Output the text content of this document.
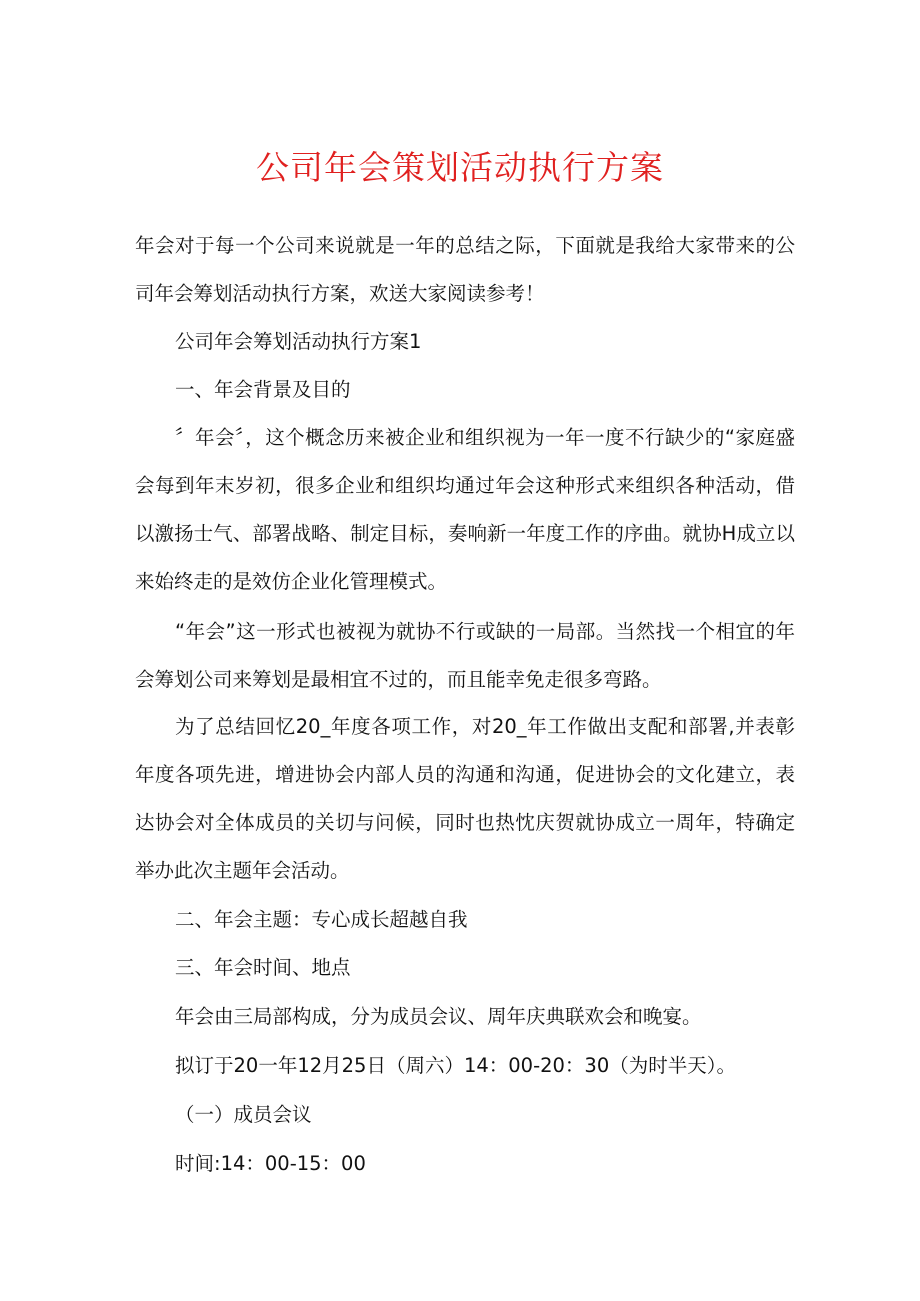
公司年会策划活动执行方案

年会对于每一个公司来说就是一年的总结之际，下面就是我给大家带来的公司年会筹划活动执行方案，欢送大家阅读参考！

公司年会筹划活动执行方案1

一、年会背景及目的

〞年会〞，这个概念历来被企业和组织视为一年一度不行缺少的“家庭盛会每到年末岁初，很多企业和组织均通过年会这种形式来组织各种活动，借以激扬士气、部署战略、制定目标，奏响新一年度工作的序曲。就协H成立以来始终走的是效仿企业化管理模式。

“年会”这一形式也被视为就协不行或缺的一局部。当然找一个相宜的年会筹划公司来筹划是最相宜不过的，而且能幸免走很多弯路。

为了总结回忆20_年度各项工作，对20_年工作做出支配和部署,并表彰年度各项先进，增进协会内部人员的沟通和沟通，促进协会的文化建立，表达协会对全体成员的关切与问候，同时也热忱庆贺就协成立一周年，特确定举办此次主题年会活动。

二、年会主题：专心成长超越自我

三、年会时间、地点

年会由三局部构成，分为成员会议、周年庆典联欢会和晚宴。

拟订于20一年12月25日（周六）14：00-20：30（为时半天）。

（一）成员会议

时间:14：00-15：00
